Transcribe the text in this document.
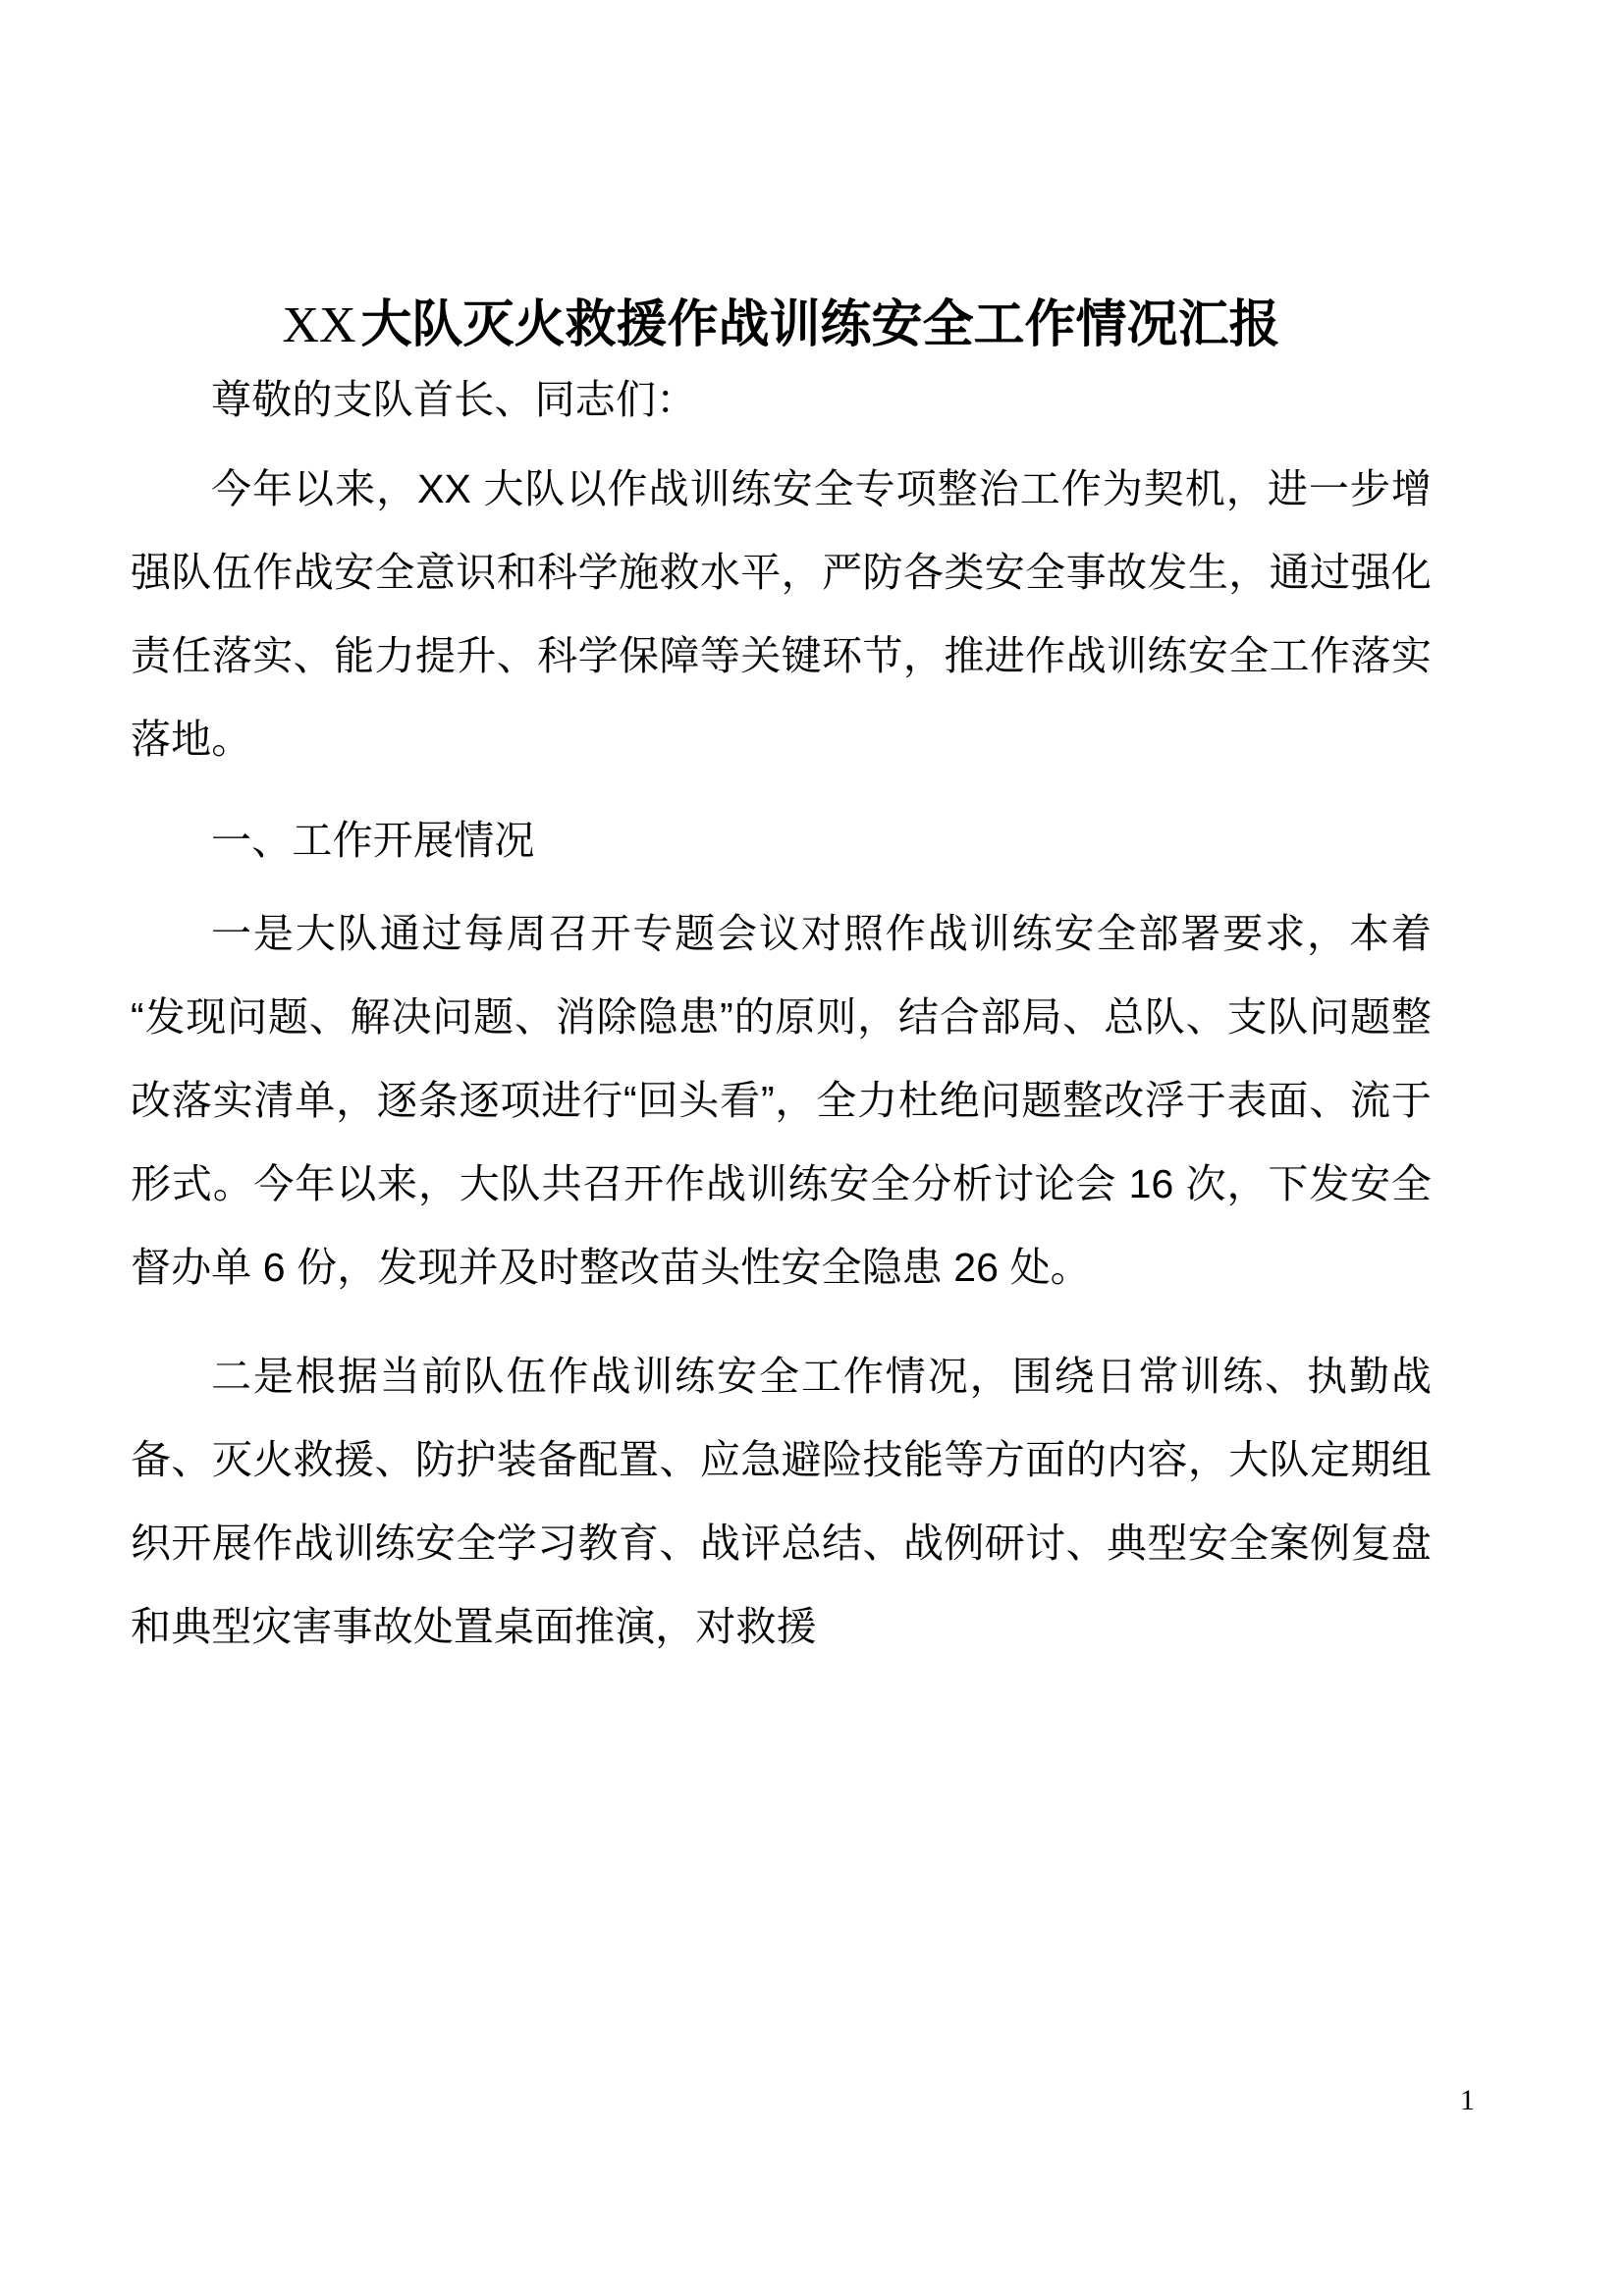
XX大队灭火救援作战训练安全工作情况汇报

尊敬的支队首长、同志们：

今年以来，XX 大队以作战训练安全专项整治工作为契机，进一步增强队伍作战安全意识和科学施救水平，严防各类安全事故发生，通过强化责任落实、能力提升、科学保障等关键环节，推进作战训练安全工作落实落地。

一、工作开展情况

一是大队通过每周召开专题会议对照作战训练安全部署要求，本着“发现问题、解决问题、消除隐患”的原则，结合部局、总队、支队问题整改落实清单，逐条逐项进行“回头看”，全力杜绝问题整改浮于表面、流于形式。今年以来，大队共召开作战训练安全分析讨论会 16 次，下发安全督办单 6 份，发现并及时整改苗头性安全隐患 26 处。

二是根据当前队伍作战训练安全工作情况，围绕日常训练、执勤战备、灭火救援、防护装备配置、应急避险技能等方面的内容，大队定期组织开展作战训练安全学习教育、战评总结、战例研讨、典型安全案例复盘和典型灾害事故处置桌面推演，对救援

1
